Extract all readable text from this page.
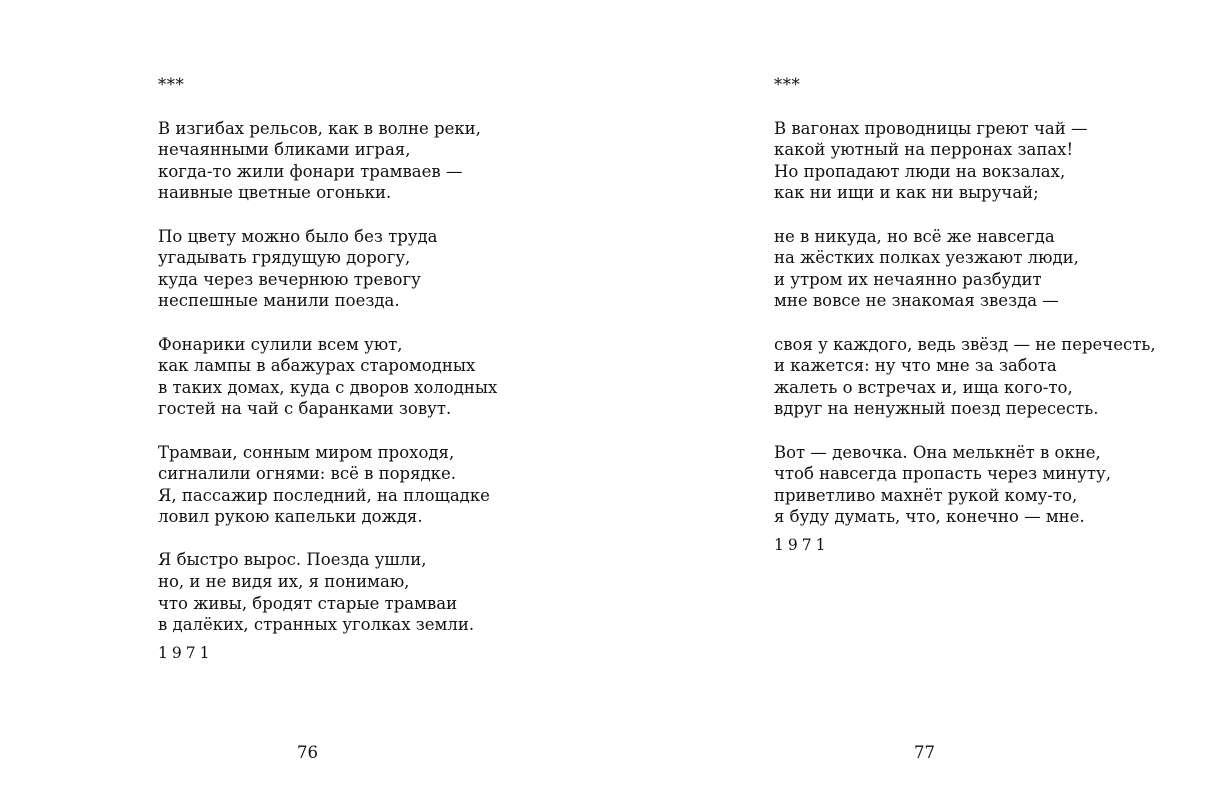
***
В изгибах рельсов, как в волне реки,
нечаянными бликами играя,
когда-то жили фонари трамваев —
наивные цветные огоньки.
По цвету можно было без труда
угадывать грядущую дорогу,
куда через вечернюю тревогу
неспешные манили поезда.
Фонарики сулили всем уют,
как лампы в абажурах старомодных
в таких домах, куда с дворов холодных
гостей на чай с баранками зовут.
Трамваи, сонным миром проходя,
сигналили огнями: всё в порядке.
Я, пассажир последний, на площадке
ловил рукою капельки дождя.
Я быстро вырос. Поезда ушли,
но, и не видя их, я понимаю,
что живы, бродят старые трамваи
в далёких, странных уголках земли.
1971
76
***
В вагонах проводницы греют чай —
какой уютный на перронах запах!
Но пропадают люди на вокзалах,
как ни ищи и как ни выручай;
не в никуда, но всё же навсегда
на жёстких полках уезжают люди,
и утром их нечаянно разбудит
мне вовсе не знакомая звезда —
своя у каждого, ведь звёзд — не перечесть,
и кажется: ну что мне за забота
жалеть о встречах и, ища кого-то,
вдруг на ненужный поезд пересесть.
Вот — девочка. Она мелькнёт в окне,
чтоб навсегда пропасть через минуту,
приветливо махнёт рукой кому-то,
я буду думать, что, конечно — мне.
1971
77
